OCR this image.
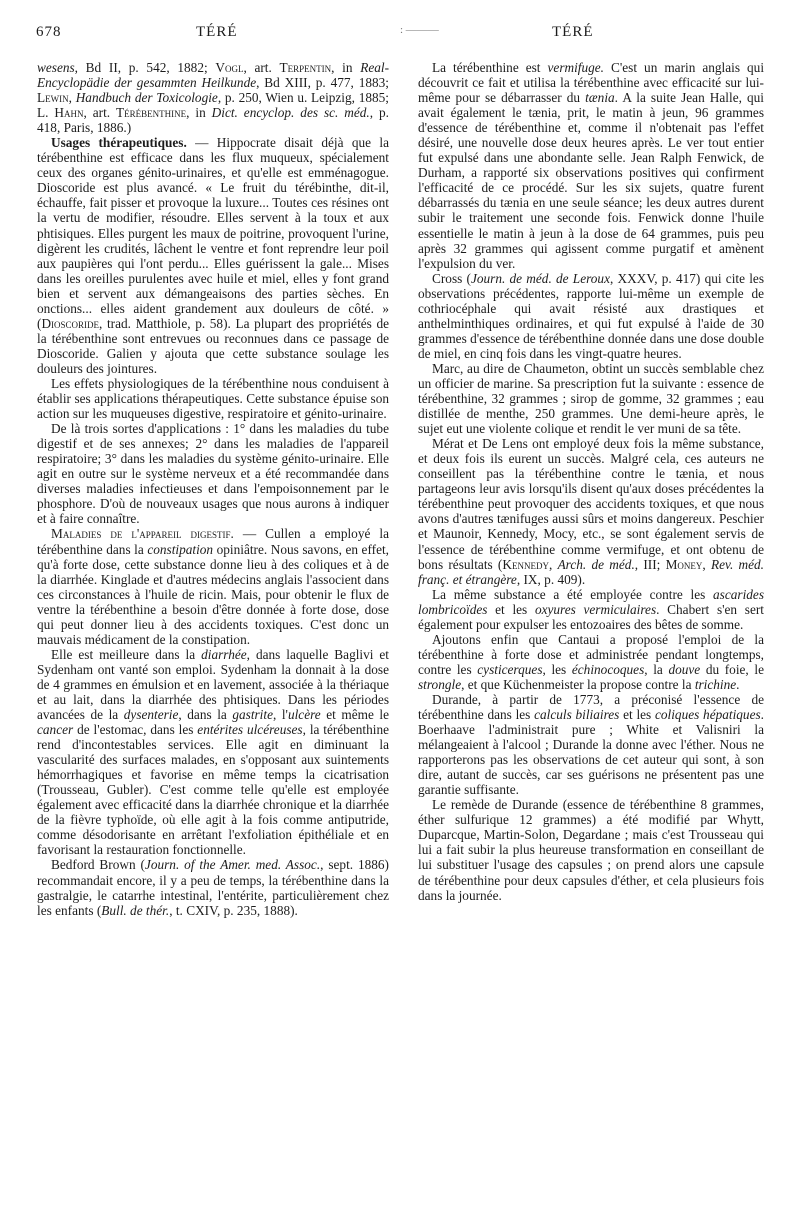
678	TÉRÉ	: ———	TÉRÉ

wesens, Bd II, p. 542, 1882; Vogl, art. Terpentin, in Real-Encyclopädie der gesammten Heilkunde, Bd XIII, p. 477, 1883; Lewin, Handbuch der Toxicologie, p. 250, Wien u. Leipzig, 1885; L. Hahn, art. Térébenthine, in Dict. encyclop. des sc. méd., p. 418, Paris, 1886.)

Usages thérapeutiques. — Hippocrate disait déjà que la térébenthine est efficace dans les flux muqueux, spécialement ceux des organes génito-urinaires, et qu'elle est emménagogue. Dioscoride est plus avancé. « Le fruit du térébinthe, dit-il, échauffe, fait pisser et provoque la luxure... Toutes ces résines ont la vertu de modifier, résoudre. Elles servent à la toux et aux phtisiques. Elles purgent les maux de poitrine, provoquent l'urine, digèrent les crudités, lâchent le ventre et font reprendre leur poil aux paupières qui l'ont perdu... Elles guérissent la gale... Mises dans les oreilles purulentes avec huile et miel, elles y font grand bien et servent aux démangeaisons des parties sèches. En onctions... elles aident grandement aux douleurs de côté. » (Dioscoride, trad. Matthiole, p. 58). La plupart des propriétés de la térébenthine sont entrevues ou reconnues dans ce passage de Dioscoride. Galien y ajouta que cette substance soulage les douleurs des jointures.

Les effets physiologiques de la térébenthine nous conduisent à établir ses applications thérapeutiques. Cette substance épuise son action sur les muqueuses digestive, respiratoire et génito-urinaire.

De là trois sortes d'applications : 1° dans les maladies du tube digestif et de ses annexes; 2° dans les maladies de l'appareil respiratoire; 3° dans les maladies du système génito-urinaire. Elle agit en outre sur le système nerveux et a été recommandée dans diverses maladies infectieuses et dans l'empoisonnement par le phosphore. D'où de nouveaux usages que nous aurons à indiquer et à faire connaître.

Maladies de l'appareil digestif. — Cullen a employé la térébenthine dans la constipation opiniâtre. Nous savons, en effet, qu'à forte dose, cette substance donne lieu à des coliques et à de la diarrhée. Kinglade et d'autres médecins anglais l'associent dans ces circonstances à l'huile de ricin. Mais, pour obtenir le flux de ventre la térébenthine a besoin d'être donnée à forte dose, dose qui peut donner lieu à des accidents toxiques. C'est donc un mauvais médicament de la constipation.

Elle est meilleure dans la diarrhée, dans laquelle Baglivi et Sydenham ont vanté son emploi. Sydenham la donnait à la dose de 4 grammes en émulsion et en lavement, associée à la thériaque et au lait, dans la diarrhée des phtisiques. Dans les périodes avancées de la dysenterie, dans la gastrite, l'ulcère et même le cancer de l'estomac, dans les entérites ulcéreuses, la térébenthine rend d'incontestables services. Elle agit en diminuant la vascularité des surfaces malades, en s'opposant aux suintements hémorrhagiques et favorise en même temps la cicatrisation (Trousseau, Gubler). C'est comme telle qu'elle est employée également avec efficacité dans la diarrhée chronique et la diarrhée de la fièvre typhoïde, où elle agit à la fois comme antiputride, comme désodorisante en arrêtant l'exfoliation épithéliale et en favorisant la restauration fonctionnelle.

Bedford Brown (Journ. of the Amer. med. Assoc., sept. 1886) recommandait encore, il y a peu de temps, la térébenthine dans la gastralgie, le catarrhe intestinal, l'entérite, particulièrement chez les enfants (Bull. de thér., t. CXIV, p. 235, 1888).

La térébenthine est vermifuge. C'est un marin anglais qui découvrit ce fait et utilisa la térébenthine avec efficacité sur lui-même pour se débarrasser du tænia. A la suite Jean Halle, qui avait également le tænia, prit, le matin à jeun, 96 grammes d'essence de térébenthine et, comme il n'obtenait pas l'effet désiré, une nouvelle dose deux heures après. Le ver tout entier fut expulsé dans une abondante selle. Jean Ralph Fenwick, de Durham, a rapporté six observations positives qui confirment l'efficacité de ce procédé. Sur les six sujets, quatre furent débarrassés du tænia en une seule séance; les deux autres durent subir le traitement une seconde fois. Fenwick donne l'huile essentielle le matin à jeun à la dose de 64 grammes, puis peu après 32 grammes qui agissent comme purgatif et amènent l'expulsion du ver.

Cross (Journ. de méd. de Leroux, XXXV, p. 417) qui cite les observations précédentes, rapporte lui-même un exemple de cothriocéphale qui avait résisté aux drastiques et anthelminthiques ordinaires, et qui fut expulsé à l'aide de 30 grammes d'essence de térébenthine donnée dans une dose double de miel, en cinq fois dans les vingt-quatre heures.

Marc, au dire de Chaumeton, obtint un succès semblable chez un officier de marine. Sa prescription fut la suivante : essence de térébenthine, 32 grammes ; sirop de gomme, 32 grammes ; eau distillée de menthe, 250 grammes. Une demi-heure après, le sujet eut une violente colique et rendit le ver muni de sa tête.

Mérat et De Lens ont employé deux fois la même substance, et deux fois ils eurent un succès. Malgré cela, ces auteurs ne conseillent pas la térébenthine contre le tænia, et nous partageons leur avis lorsqu'ils disent qu'aux doses précédentes la térébenthine peut provoquer des accidents toxiques, et que nous avons d'autres tænifuges aussi sûrs et moins dangereux. Peschier et Maunoir, Kennedy, Mocy, etc., se sont également servis de l'essence de térébenthine comme vermifuge, et ont obtenu de bons résultats (Kennedy, Arch. de méd., III; Money, Rev. méd. franç. et étrangère, IX, p. 409).

La même substance a été employée contre les ascarides lombricoïdes et les oxyures vermiculaires. Chabert s'en sert également pour expulser les entozoaires des bêtes de somme.

Ajoutons enfin que Cantaui a proposé l'emploi de la térébenthine à forte dose et administrée pendant longtemps, contre les cysticerques, les échinocoques, la douve du foie, le strongle, et que Küchenmeister la propose contre la trichine.

Durande, à partir de 1773, a préconisé l'essence de térébenthine dans les calculs biliaires et les coliques hépatiques. Boerhaave l'administrait pure ; White et Valisniri la mélangeaient à l'alcool ; Durande la donne avec l'éther. Nous ne rapporterons pas les observations de cet auteur qui sont, à son dire, autant de succès, car ses guérisons ne présentent pas une garantie suffisante.

Le remède de Durande (essence de térébenthine 8 grammes, éther sulfurique 12 grammes) a été modifié par Whytt, Duparcque, Martin-Solon, Degardane ; mais c'est Trousseau qui lui a fait subir la plus heureuse transformation en conseillant de lui substituer l'usage des capsules ; on prend alors une capsule de térébenthine pour deux capsules d'éther, et cela plusieurs fois dans la journée.
